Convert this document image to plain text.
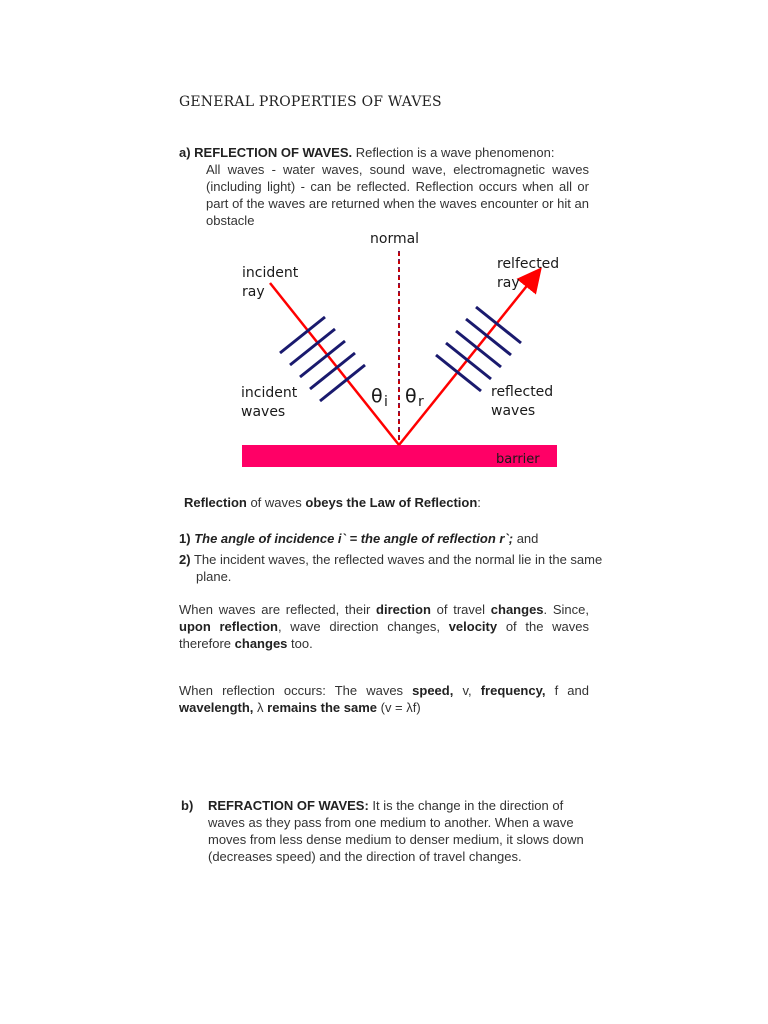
GENERAL PROPERTIES OF WAVES
a) REFLECTION OF WAVES. Reflection is a wave phenomenon:
All waves - water waves, sound wave, electromagnetic waves (including light) - can be reflected. Reflection occurs when all or part of the waves are returned when the waves encounter or hit an obstacle
barrier
normal
incident
ray
relfected
ray
incident
waves
reflected
waves
θ i θ r
Reflection of waves obeys the Law of Reflection:
1) The angle of incidence i` = the angle of reflection r`; and
2) The incident waves, the reflected waves and the normal lie in the same
plane.
When waves are reflected, their direction of travel changes. Since, upon reflection, wave direction changes, velocity of the waves therefore changes too.
When reflection occurs: The waves speed, v, frequency, f and wavelength, λ remains the same (v = λf)
b)	REFRACTION OF WAVES: It is the change in the direction of waves as they pass from one medium to another. When a wave moves from less dense medium to denser medium, it slows down (decreases speed) and the direction of travel changes.
